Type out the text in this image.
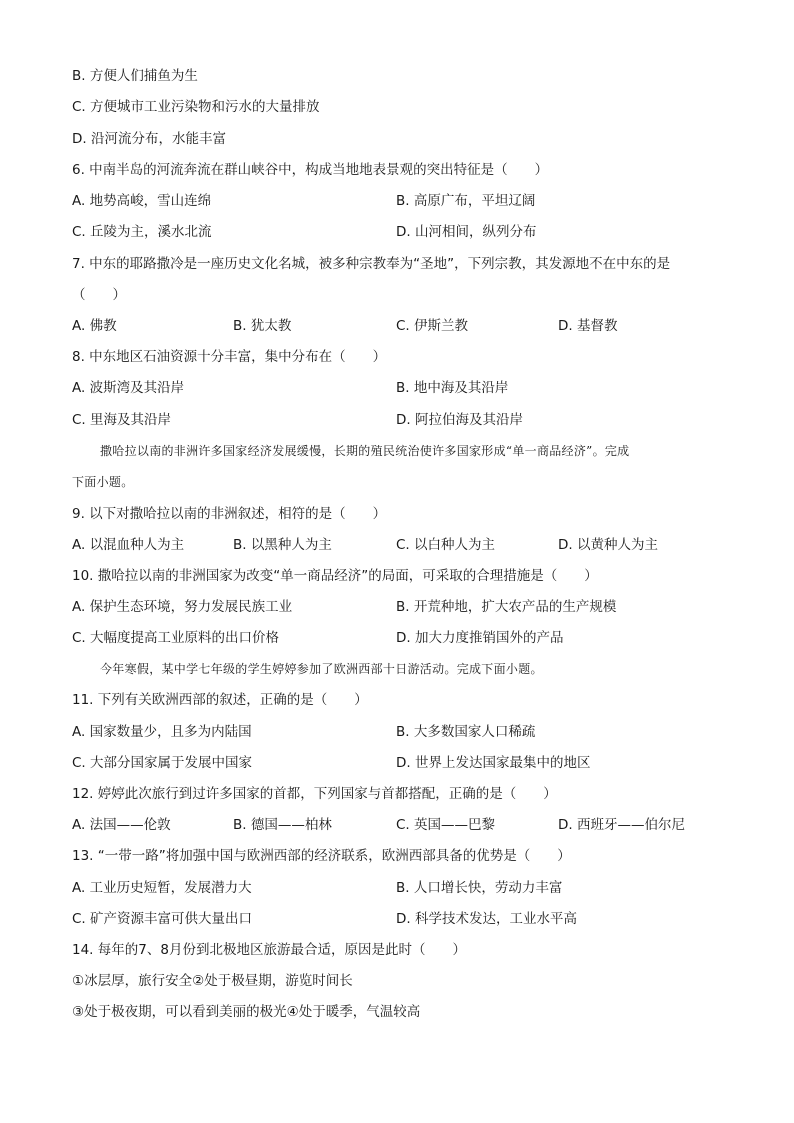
B. 方便人们捕鱼为生
C. 方便城市工业污染物和污水的大量排放
D. 沿河流分布，水能丰富
6. 中南半岛的河流奔流在群山峡谷中，构成当地地表景观的突出特征是（　　）
A. 地势高峻，雪山连绵	B. 高原广布，平坦辽阔
C. 丘陵为主，溪水北流	D. 山河相间，纵列分布
7. 中东的耶路撒冷是一座历史文化名城，被多种宗教奉为“圣地”，下列宗教，其发源地不在中东的是
（　　）
A. 佛教	B. 犹太教	C. 伊斯兰教	D. 基督教
8. 中东地区石油资源十分丰富，集中分布在（　　）
A. 波斯湾及其沿岸	B. 地中海及其沿岸
C. 里海及其沿岸	D. 阿拉伯海及其沿岸
撒哈拉以南的非洲许多国家经济发展缓慢，长期的殖民统治使许多国家形成“单一商品经济”。完成
下面小题。
9. 以下对撒哈拉以南的非洲叙述，相符的是（　　）
A. 以混血种人为主	B. 以黑种人为主	C. 以白种人为主	D. 以黄种人为主
10. 撒哈拉以南的非洲国家为改变“单一商品经济”的局面，可采取的合理措施是（　　）
A. 保护生态环境，努力发展民族工业	B. 开荒种地，扩大农产品的生产规模
C. 大幅度提高工业原料的出口价格	D. 加大力度推销国外的产品
今年寒假，某中学七年级的学生婷婷参加了欧洲西部十日游活动。完成下面小题。
11. 下列有关欧洲西部的叙述，正确的是（　　）
A. 国家数量少，且多为内陆国	B. 大多数国家人口稀疏
C. 大部分国家属于发展中国家	D. 世界上发达国家最集中的地区
12. 婷婷此次旅行到过许多国家的首都，下列国家与首都搭配，正确的是（　　）
A. 法国——伦敦	B. 德国——柏林	C. 英国——巴黎	D. 西班牙——伯尔尼
13. “一带一路”将加强中国与欧洲西部的经济联系，欧洲西部具备的优势是（　　）
A. 工业历史短暂，发展潜力大	B. 人口增长快，劳动力丰富
C. 矿产资源丰富可供大量出口	D. 科学技术发达，工业水平高
14. 每年的7、8月份到北极地区旅游最合适，原因是此时（　　）
①冰层厚，旅行安全②处于极昼期，游览时间长
③处于极夜期，可以看到美丽的极光④处于暖季，气温较高
